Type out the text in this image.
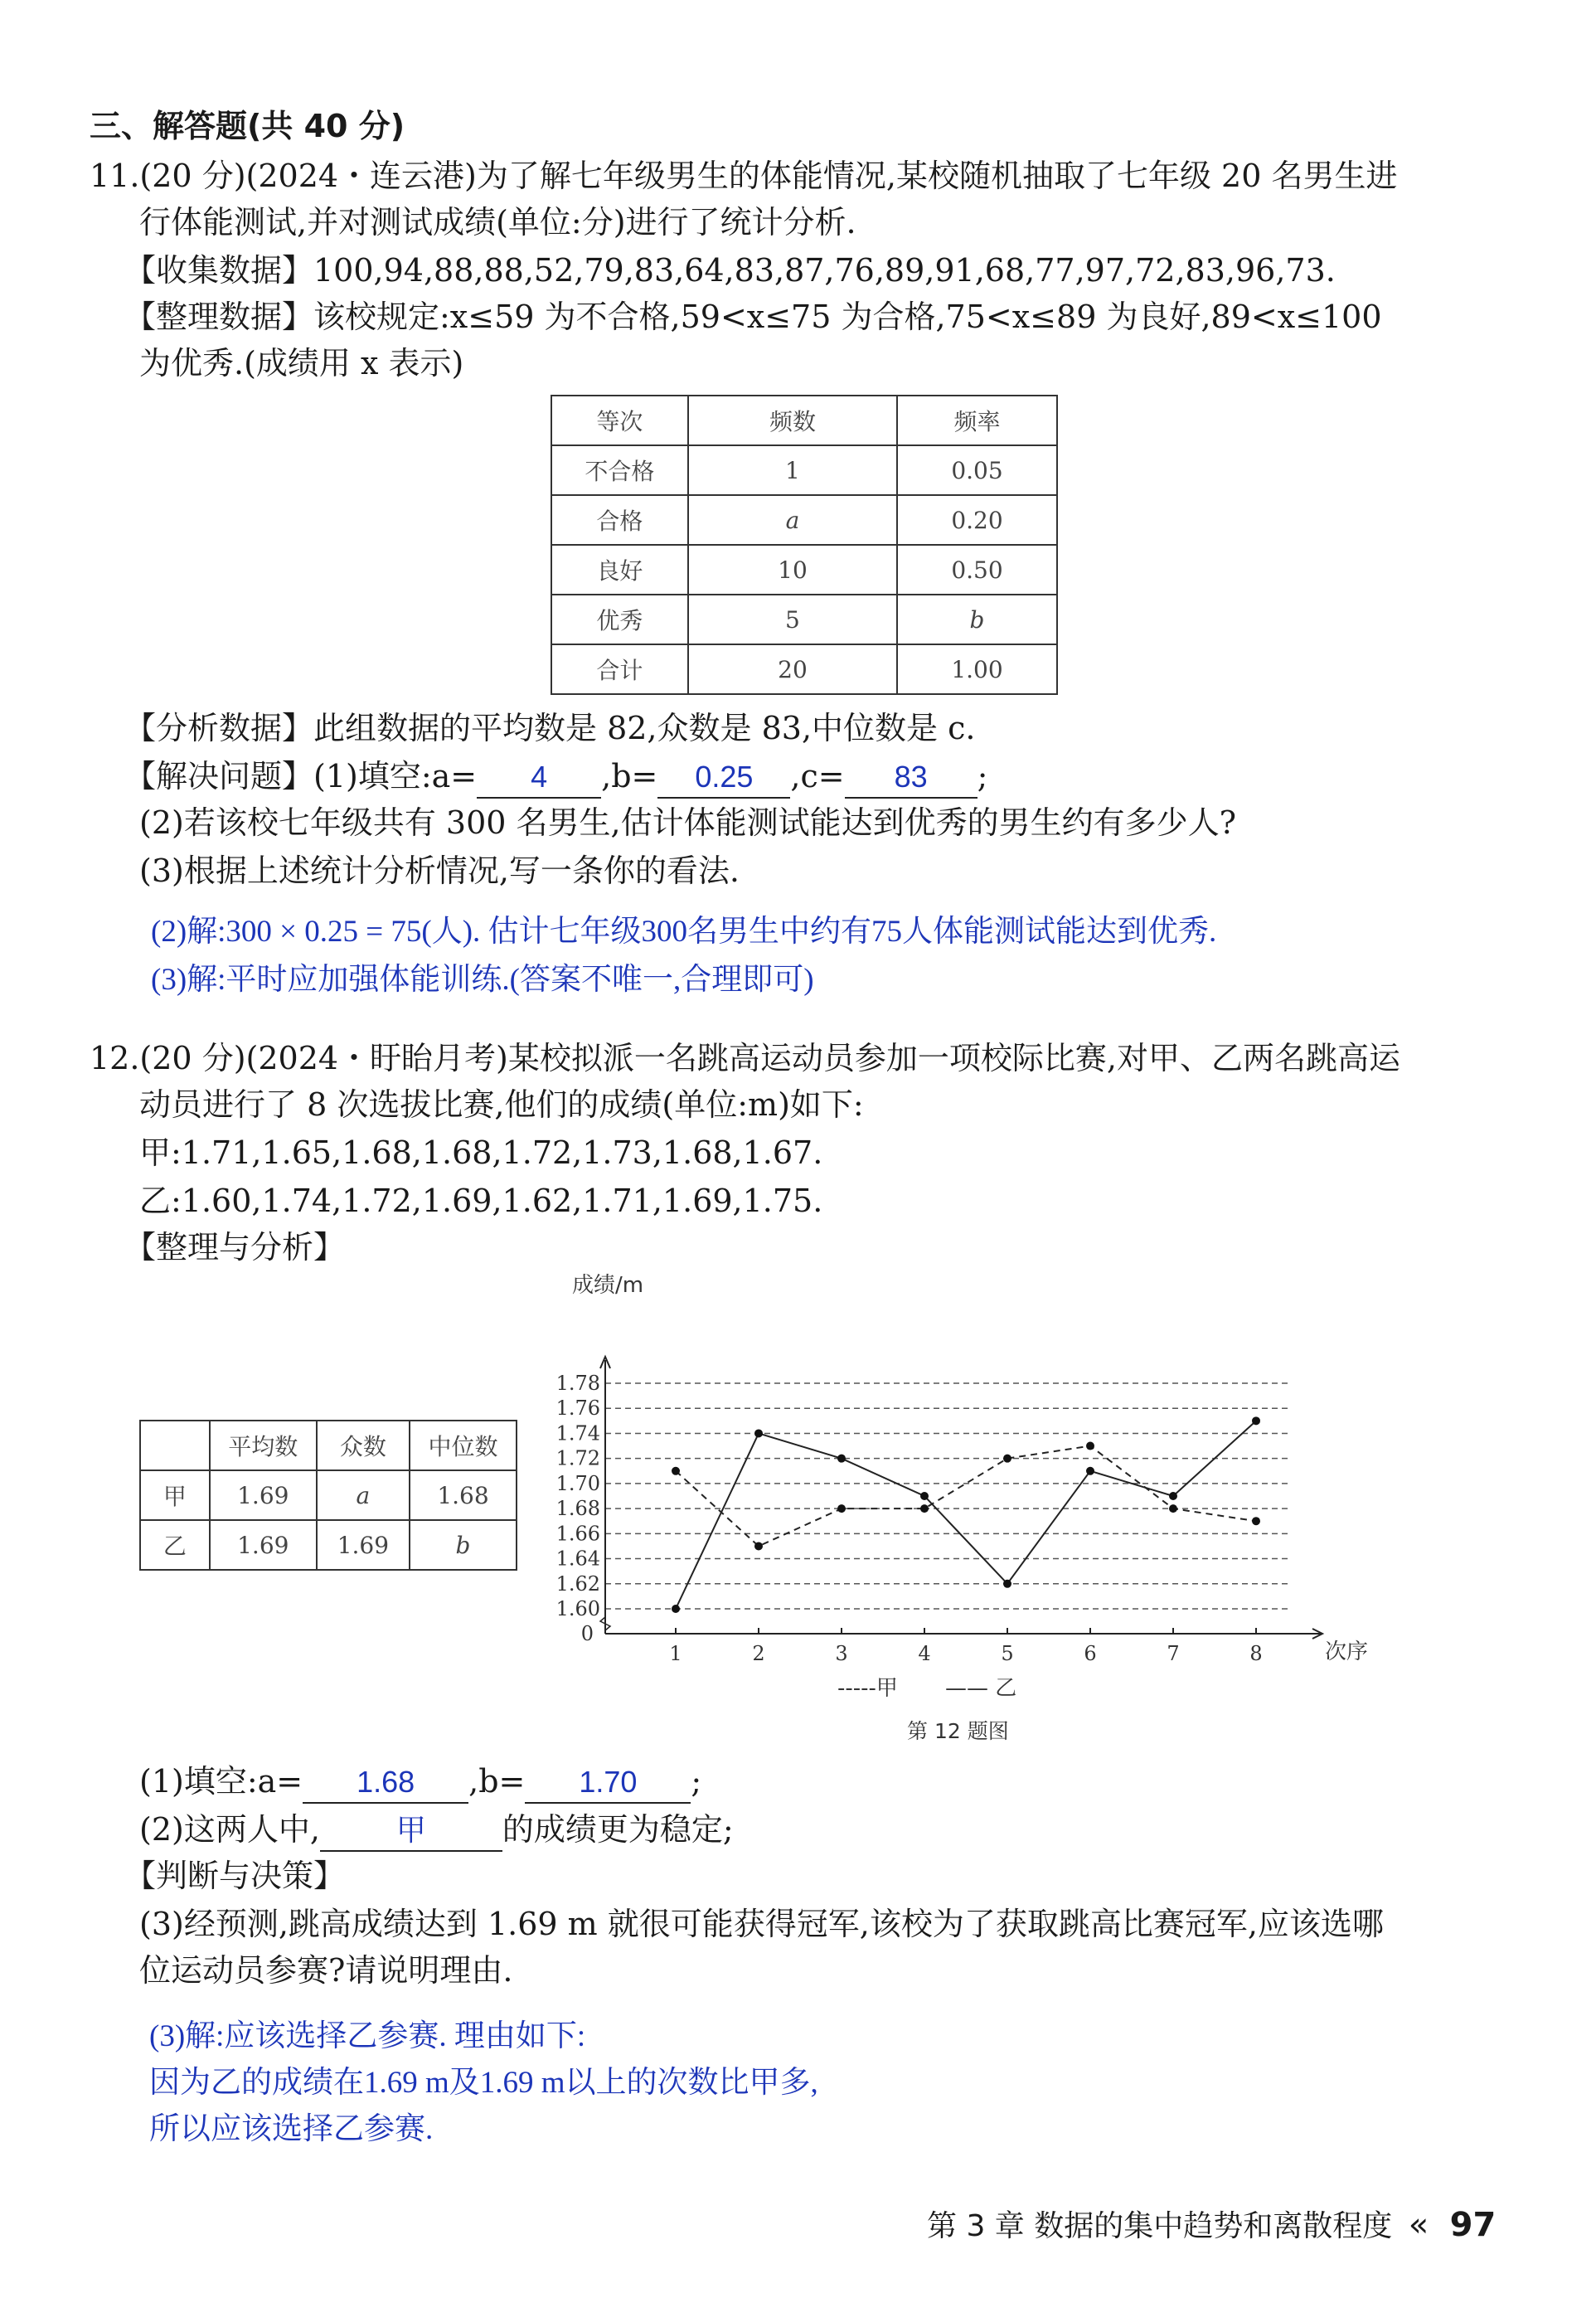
三、解答题(共 40 分)
11.(20 分)(2024・连云港)为了解七年级男生的体能情况,某校随机抽取了七年级 20 名男生进
行体能测试,并对测试成绩(单位:分)进行了统计分析.
【收集数据】100,94,88,88,52,79,83,64,83,87,76,89,91,68,77,97,72,83,96,73.
【整理数据】该校规定:x≤59 为不合格,59<x≤75 为合格,75<x≤89 为良好,89<x≤100
为优秀.(成绩用 x 表示)
等次	频数	频率
不合格	1	0.05
合格	a	0.20
良好	10	0.50
优秀	5	b
合计	20	1.00
【分析数据】此组数据的平均数是 82,众数是 83,中位数是 c.
【解决问题】(1)填空:a= 4 ,b= 0.25 ,c= 83 ;
(2)若该校七年级共有 300 名男生,估计体能测试能达到优秀的男生约有多少人?
(3)根据上述统计分析情况,写一条你的看法.
(2)解:300 × 0.25 = 75(人). 估计七年级300名男生中约有75人体能测试能达到优秀.
(3)解:平时应加强体能训练.(答案不唯一,合理即可)
12.(20 分)(2024・盱眙月考)某校拟派一名跳高运动员参加一项校际比赛,对甲、乙两名跳高运
动员进行了 8 次选拔比赛,他们的成绩(单位:m)如下:
甲:1.71,1.65,1.68,1.68,1.72,1.73,1.68,1.67.
乙:1.60,1.74,1.72,1.69,1.62,1.71,1.69,1.75.
【整理与分析】
	平均数	众数	中位数
甲	1.69	a	1.68
乙	1.69	1.69	b
成绩/m
1.60
1.62
1.64
1.66
1.68
1.70
1.72
1.74
1.76
1.78
0
1	2	3	4	5	6	7	8	次序
-----甲 —— 乙
第 12 题图
(1)填空:a= 1.68 ,b= 1.70 ;
(2)这两人中,	甲 的成绩更为稳定;
【判断与决策】
(3)经预测,跳高成绩达到 1.69 m 就很可能获得冠军,该校为了获取跳高比赛冠军,应该选哪
位运动员参赛?请说明理由.
(3)解:应该选择乙参赛. 理由如下:
因为乙的成绩在1.69 m及1.69 m以上的次数比甲多,
所以应该选择乙参赛.
第 3 章 数据的集中趋势和离散程度 « 97
